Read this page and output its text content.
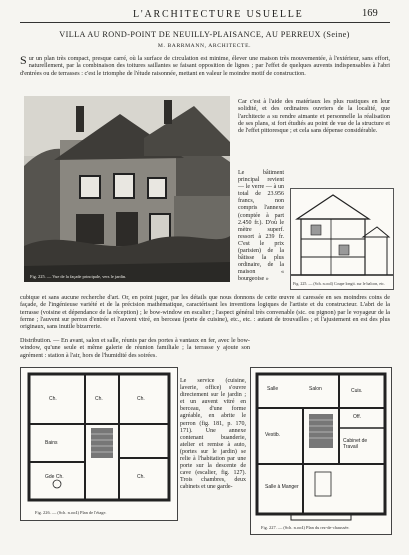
L'ARCHITECTURE USUELLE	169
VILLA AU ROND-POINT DE NEUILLY-PLAISANCE, AU PERREUX (Seine)
M. BARRMANN, ARCHITECTE.
S ur un plan très compact, presque carré, où la surface de circulation est minime, élever une maison très mouvementée, à l'extérieur, sans effort, naturellement, par la combinaison des toitures saillantes se faisant opposition de lignes ; par l'effet de quelques auvents indispensables à l'abri d'entrées ou de terrasses : c'est le triomphe de l'étude raisonnée, mettant en valeur le moindre motif de construction.
Fig. 225. — Vue de la façade principale, vers le jardin.
Car c'est à l'aide des matériaux les plus rustiques en leur solidité, et des ordinaires ouvriers de la localité, que l'architecte a su rendre aimante et personnelle la réalisation de ses plans, si fort étudiés au point de vue de la structure et de l'effet pittoresque ; et cela sans dépense considérable.
Le bâtiment principal revient — le verre — à un total de 23.956 francs, non compris l'annexe (comptée à part 2.450 fr.). D'où le mètre superf. ressort à 239 fr. C'est le prix (parisien) de la bâtisse la plus ordinaire, de la maison « bourgeoise »
Fig. 225. — (Sch. n.oo4) Coupe longit. sur le balcon, etc.
cubique et sans aucune recherche d'art. Or, en point juger, par les détails que nous donnons de cette œuvre si caressée en ses moindres coins de façade, de l'ingénieuse variété et de la précision mathématique, caractérisant les inventions logiques de l'artiste et du constructeur. L'abri de la terrasse (voisine et dépendance de la réception) ; le bow-window en escalier ; l'aspect général très convenable (sic. ou pignon) par le voyageur de la ferme ; l'auvent sur perron d'entrée et l'auvent vitré, en berceau (porte de cuisine), etc., etc. : autant de trouvailles ; et l'ajustement en est des plus originaux, sans inutile bizarrerie.
Distribution. — En avant, salon et salle, réunis par des portes à vantaux en fer, avec le bow-window, qu'une seule et même galerie de réunion familiale ; la terrasse y ajoute son agrément : station à l'air, hors de l'humidité des soirées.
Ch.	Ch.	Ch.
Bains
Gde Ch.	Ch.
Fig. 226. — (Sch. n.oo4) Plan de l'étage.
Le service (cuisine, laverie, office) s'ouvre directement sur le jardin ; et un auvent vitré en berceau, d'une forme agréable, en abrite le perron (fig. 181, p. 170, 171). Une annexe contenant buanderie, atelier et remise à auto, (portes sur le jardin) se relie à l'habitation par une porte sur la descente de cave (escalier, fig. 127). Trois chambres, deux cabinets et une garde-
Salle	Salon	Cuis.
Off.
Cabinet de Travail
Vestib.
Salle à Manger
Fig. 227. — (Sch. n.oo4) Plan du rez-de-chaussée.
